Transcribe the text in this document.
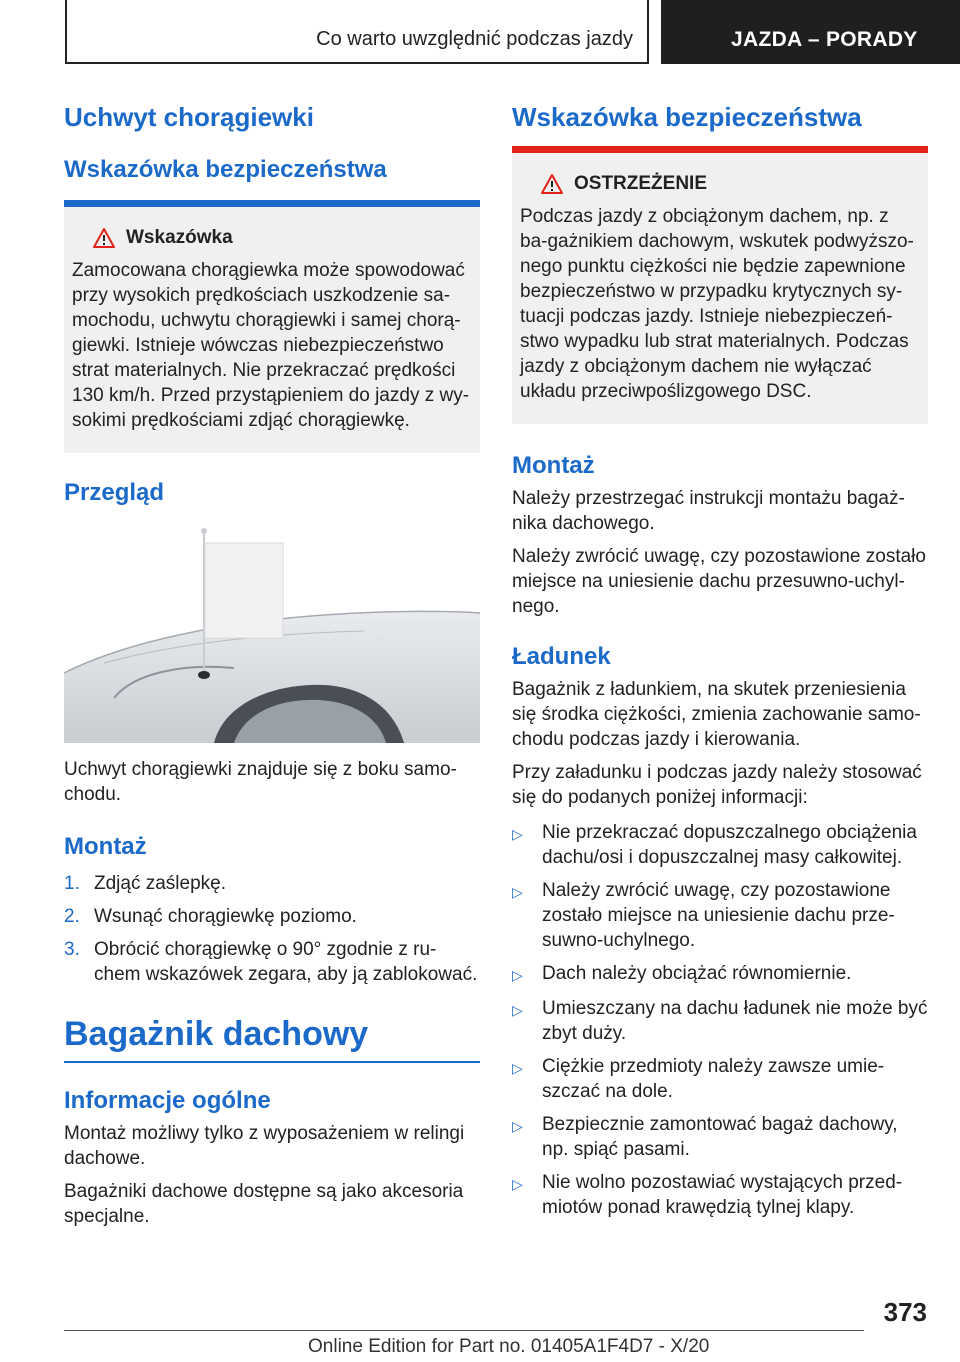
Co warto uwzględnić podczas jazdy	JAZDA – PORADY
Uchwyt chorągiewki
Wskazówka bezpieczeństwa
Wskazówka

Zamocowana chorągiewka może spowodować przy wysokich prędkościach uszkodzenie sa-mochodu, uchwytu chorągiewki i samej chorą-giewki. Istnieje wówczas niebezpieczeństwo strat materialnych. Nie przekraczać prędkości 130 km/h. Przed przystąpieniem do jazdy z wy-sokimi prędkościami zdjąć chorągiewkę.

Przegląd

Uchwyt chorągiewki znajduje się z boku samo-chodu.

Montaż
1. Zdjąć zaślepkę.
2. Wsunąć chorągiewkę poziomo.
3. Obrócić chorągiewkę o 90° zgodnie z ru-chem wskazówek zegara, aby ją zablokować.
Bagażnik dachowy
Informacje ogólne

Montaż możliwy tylko z wyposażeniem w relingi dachowe.

Bagażniki dachowe dostępne są jako akcesoria specjalne.

Wskazówka bezpieczeństwa
OSTRZEŻENIE

Podczas jazdy z obciążonym dachem, np. z ba-gażnikiem dachowym, wskutek podwyższo-nego punktu ciężkości nie będzie zapewnione bezpieczeństwo w przypadku krytycznych sy-tuacji podczas jazdy. Istnieje niebezpieczeń-stwo wypadku lub strat materialnych. Podczas jazdy z obciążonym dachem nie wyłączać układu przeciwpoślizgowego DSC.

Montaż

Należy przestrzegać instrukcji montażu bagaż-nika dachowego.

Należy zwrócić uwagę, czy pozostawione zostało miejsce na uniesienie dachu przesuwno-uchyl-nego.

Ładunek

Bagażnik z ładunkiem, na skutek przeniesienia się środka ciężkości, zmienia zachowanie samo-chodu podczas jazdy i kierowania.

Przy załadunku i podczas jazdy należy stosować się do podanych poniżej informacji:

▷	Nie przekraczać dopuszczalnego obciążenia dachu/osi i dopuszczalnej masy całkowitej.
▷	Należy zwrócić uwagę, czy pozostawione zostało miejsce na uniesienie dachu prze-suwno-uchylnego.
▷	Dach należy obciążać równomiernie.
▷	Umieszczany na dachu ładunek nie może być zbyt duży.
▷	Ciężkie przedmioty należy zawsze umie-szczać na dole.
▷	Bezpiecznie zamontować bagaż dachowy, np. spiąć pasami.
▷	Nie wolno pozostawiać wystających przed-miotów ponad krawędzią tylnej klapy.
373
Online Edition for Part no. 01405A1F4D7 - X/20
